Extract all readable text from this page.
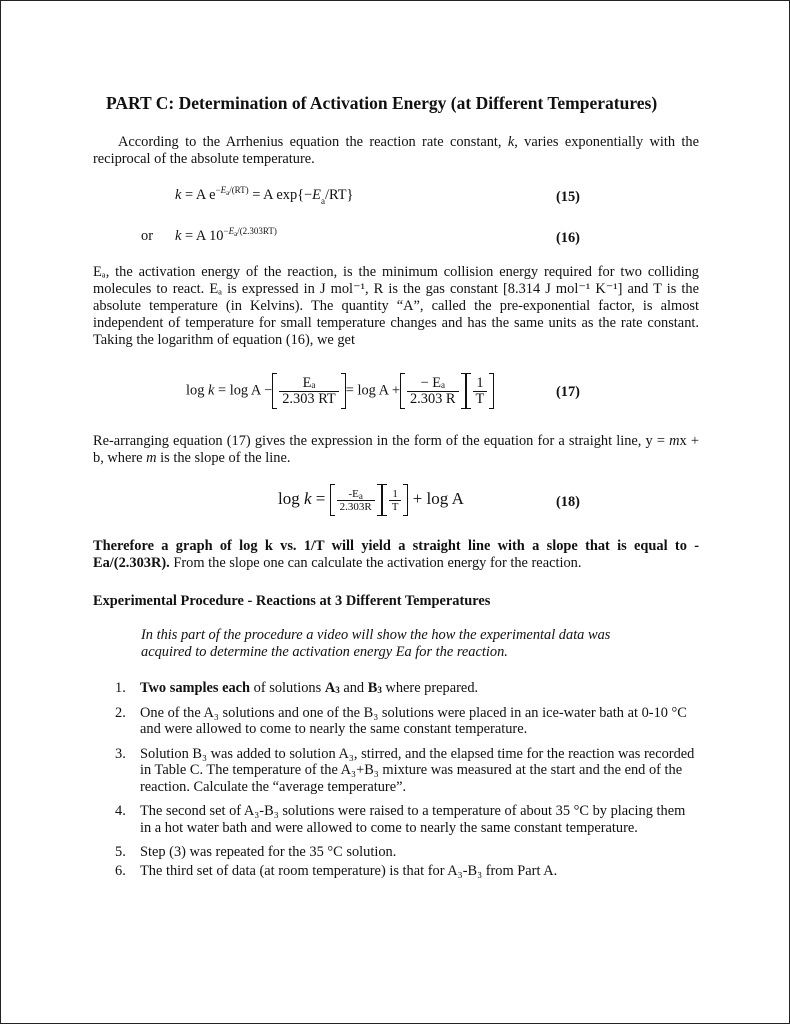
PART C: Determination of Activation Energy (at Different Temperatures)

According to the Arrhenius equation the reaction rate constant, k, varies exponentially with the reciprocal of the absolute temperature.

k = A $e^{-E_a/(RT)} = A$ $\exp\{-E_a/RT\}$	(15)
or k = A $10^{-E_a/(2.303RT)}$	(16)

Eₐ, the activation energy of the reaction, is the minimum collision energy required for two colliding molecules to react. Eₐ is expressed in J mol⁻¹, R is the gas constant [8.314 J mol⁻¹ K⁻¹] and T is the absolute temperature (in Kelvins). The quantity “A”, called the pre-exponential factor, is almost independent of temperature for small temperature changes and has the same units as the rate constant. Taking the logarithm of equation (16), we get

$\log k = \log A - \frac{E_a}{2.303 RT} = \log A + \frac{- E_a}{2.303 R} \frac{1}{T}$	(17)

Re-arranging equation (17) gives the expression in the form of the equation for a straight line, y = mx + b, where m is the slope of the line.

$\log k = \frac{-E_a}{2.303R} \frac{1}{T} + \log A$	(18)

Therefore a graph of log k vs. 1/T will yield a straight line with a slope that is equal to -Ea/(2.303R). From the slope one can calculate the activation energy for the reaction.

Experimental Procedure - Reactions at 3 Different Temperatures
In this part of the procedure a video will show the how the experimental data was acquired to determine the activation energy Ea for the reaction.
1. Two samples each of solutions $A_3$ and $B_3$ where prepared.
2. One of the A₃ solutions and one of the B₃ solutions were placed in an ice-water bath at 0-10 °C and were allowed to come to nearly the same constant temperature.
3. Solution B₃ was added to solution A₃, stirred, and the elapsed time for the reaction was recorded in Table C. The temperature of the A₃+B₃ mixture was measured at the start and the end of the reaction. Calculate the “average temperature”.
4. The second set of A₃-B₃ solutions were raised to a temperature of about 35 °C by placing them in a hot water bath and were allowed to come to nearly the same constant temperature.
5. Step (3) was repeated for the 35 °C solution.
6. The third set of data (at room temperature) is that for A₃-B₃ from Part A.
